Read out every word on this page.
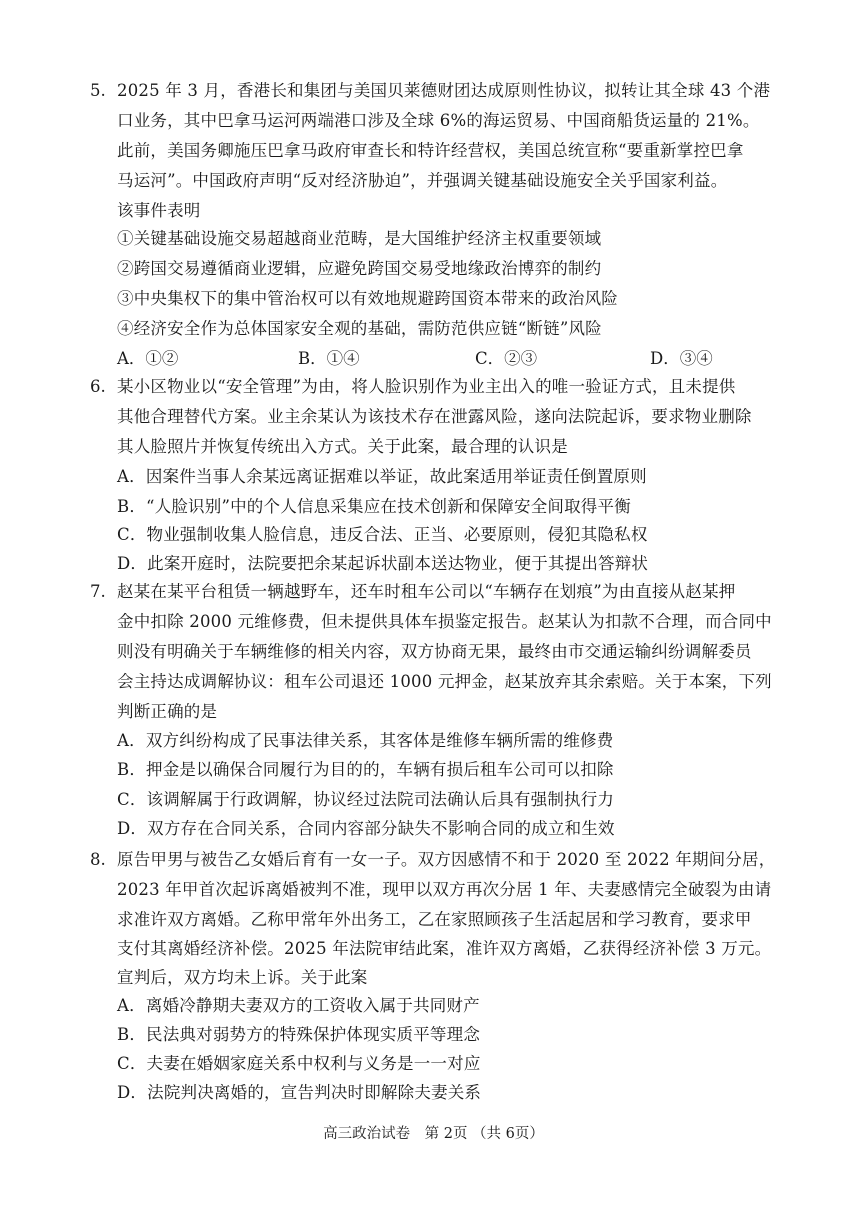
5. 2025 年 3 月，香港长和集团与美国贝莱德财团达成原则性协议，拟转让其全球 43 个港
口业务，其中巴拿马运河两端港口涉及全球 6%的海运贸易、中国商船货运量的 21%。
此前，美国务卿施压巴拿马政府审查长和特许经营权，美国总统宣称“要重新掌控巴拿
马运河”。中国政府声明“反对经济胁迫”，并强调关键基础设施安全关乎国家利益。
该事件表明
①关键基础设施交易超越商业范畴，是大国维护经济主权重要领域
②跨国交易遵循商业逻辑，应避免跨国交易受地缘政治博弈的制约
③中央集权下的集中管治权可以有效地规避跨国资本带来的政治风险
④经济安全作为总体国家安全观的基础，需防范供应链“断链”风险
A．①②	B．①④	C．②③	D．③④
6. 某小区物业以“安全管理”为由，将人脸识别作为业主出入的唯一验证方式，且未提供
其他合理替代方案。业主余某认为该技术存在泄露风险，遂向法院起诉，要求物业删除
其人脸照片并恢复传统出入方式。关于此案，最合理的认识是
A．因案件当事人余某远离证据难以举证，故此案适用举证责任倒置原则
B．“人脸识别”中的个人信息采集应在技术创新和保障安全间取得平衡
C．物业强制收集人脸信息，违反合法、正当、必要原则，侵犯其隐私权
D．此案开庭时，法院要把余某起诉状副本送达物业，便于其提出答辩状
7. 赵某在某平台租赁一辆越野车，还车时租车公司以“车辆存在划痕”为由直接从赵某押
金中扣除 2000 元维修费，但未提供具体车损鉴定报告。赵某认为扣款不合理，而合同中
则没有明确关于车辆维修的相关内容，双方协商无果，最终由市交通运输纠纷调解委员
会主持达成调解协议：租车公司退还 1000 元押金，赵某放弃其余索赔。关于本案，下列
判断正确的是
A．双方纠纷构成了民事法律关系，其客体是维修车辆所需的维修费
B．押金是以确保合同履行为目的的，车辆有损后租车公司可以扣除
C．该调解属于行政调解，协议经过法院司法确认后具有强制执行力
D．双方存在合同关系，合同内容部分缺失不影响合同的成立和生效
8. 原告甲男与被告乙女婚后育有一女一子。双方因感情不和于 2020 至 2022 年期间分居，
2023 年甲首次起诉离婚被判不准，现甲以双方再次分居 1 年、夫妻感情完全破裂为由请
求准许双方离婚。乙称甲常年外出务工，乙在家照顾孩子生活起居和学习教育，要求甲
支付其离婚经济补偿。2025 年法院审结此案，准许双方离婚，乙获得经济补偿 3 万元。
宣判后，双方均未上诉。关于此案
A．离婚冷静期夫妻双方的工资收入属于共同财产
B．民法典对弱势方的特殊保护体现实质平等理念
C．夫妻在婚姻家庭关系中权利与义务是一一对应
D．法院判决离婚的，宣告判决时即解除夫妻关系
高三政治试卷　第 2页 （共 6页）
